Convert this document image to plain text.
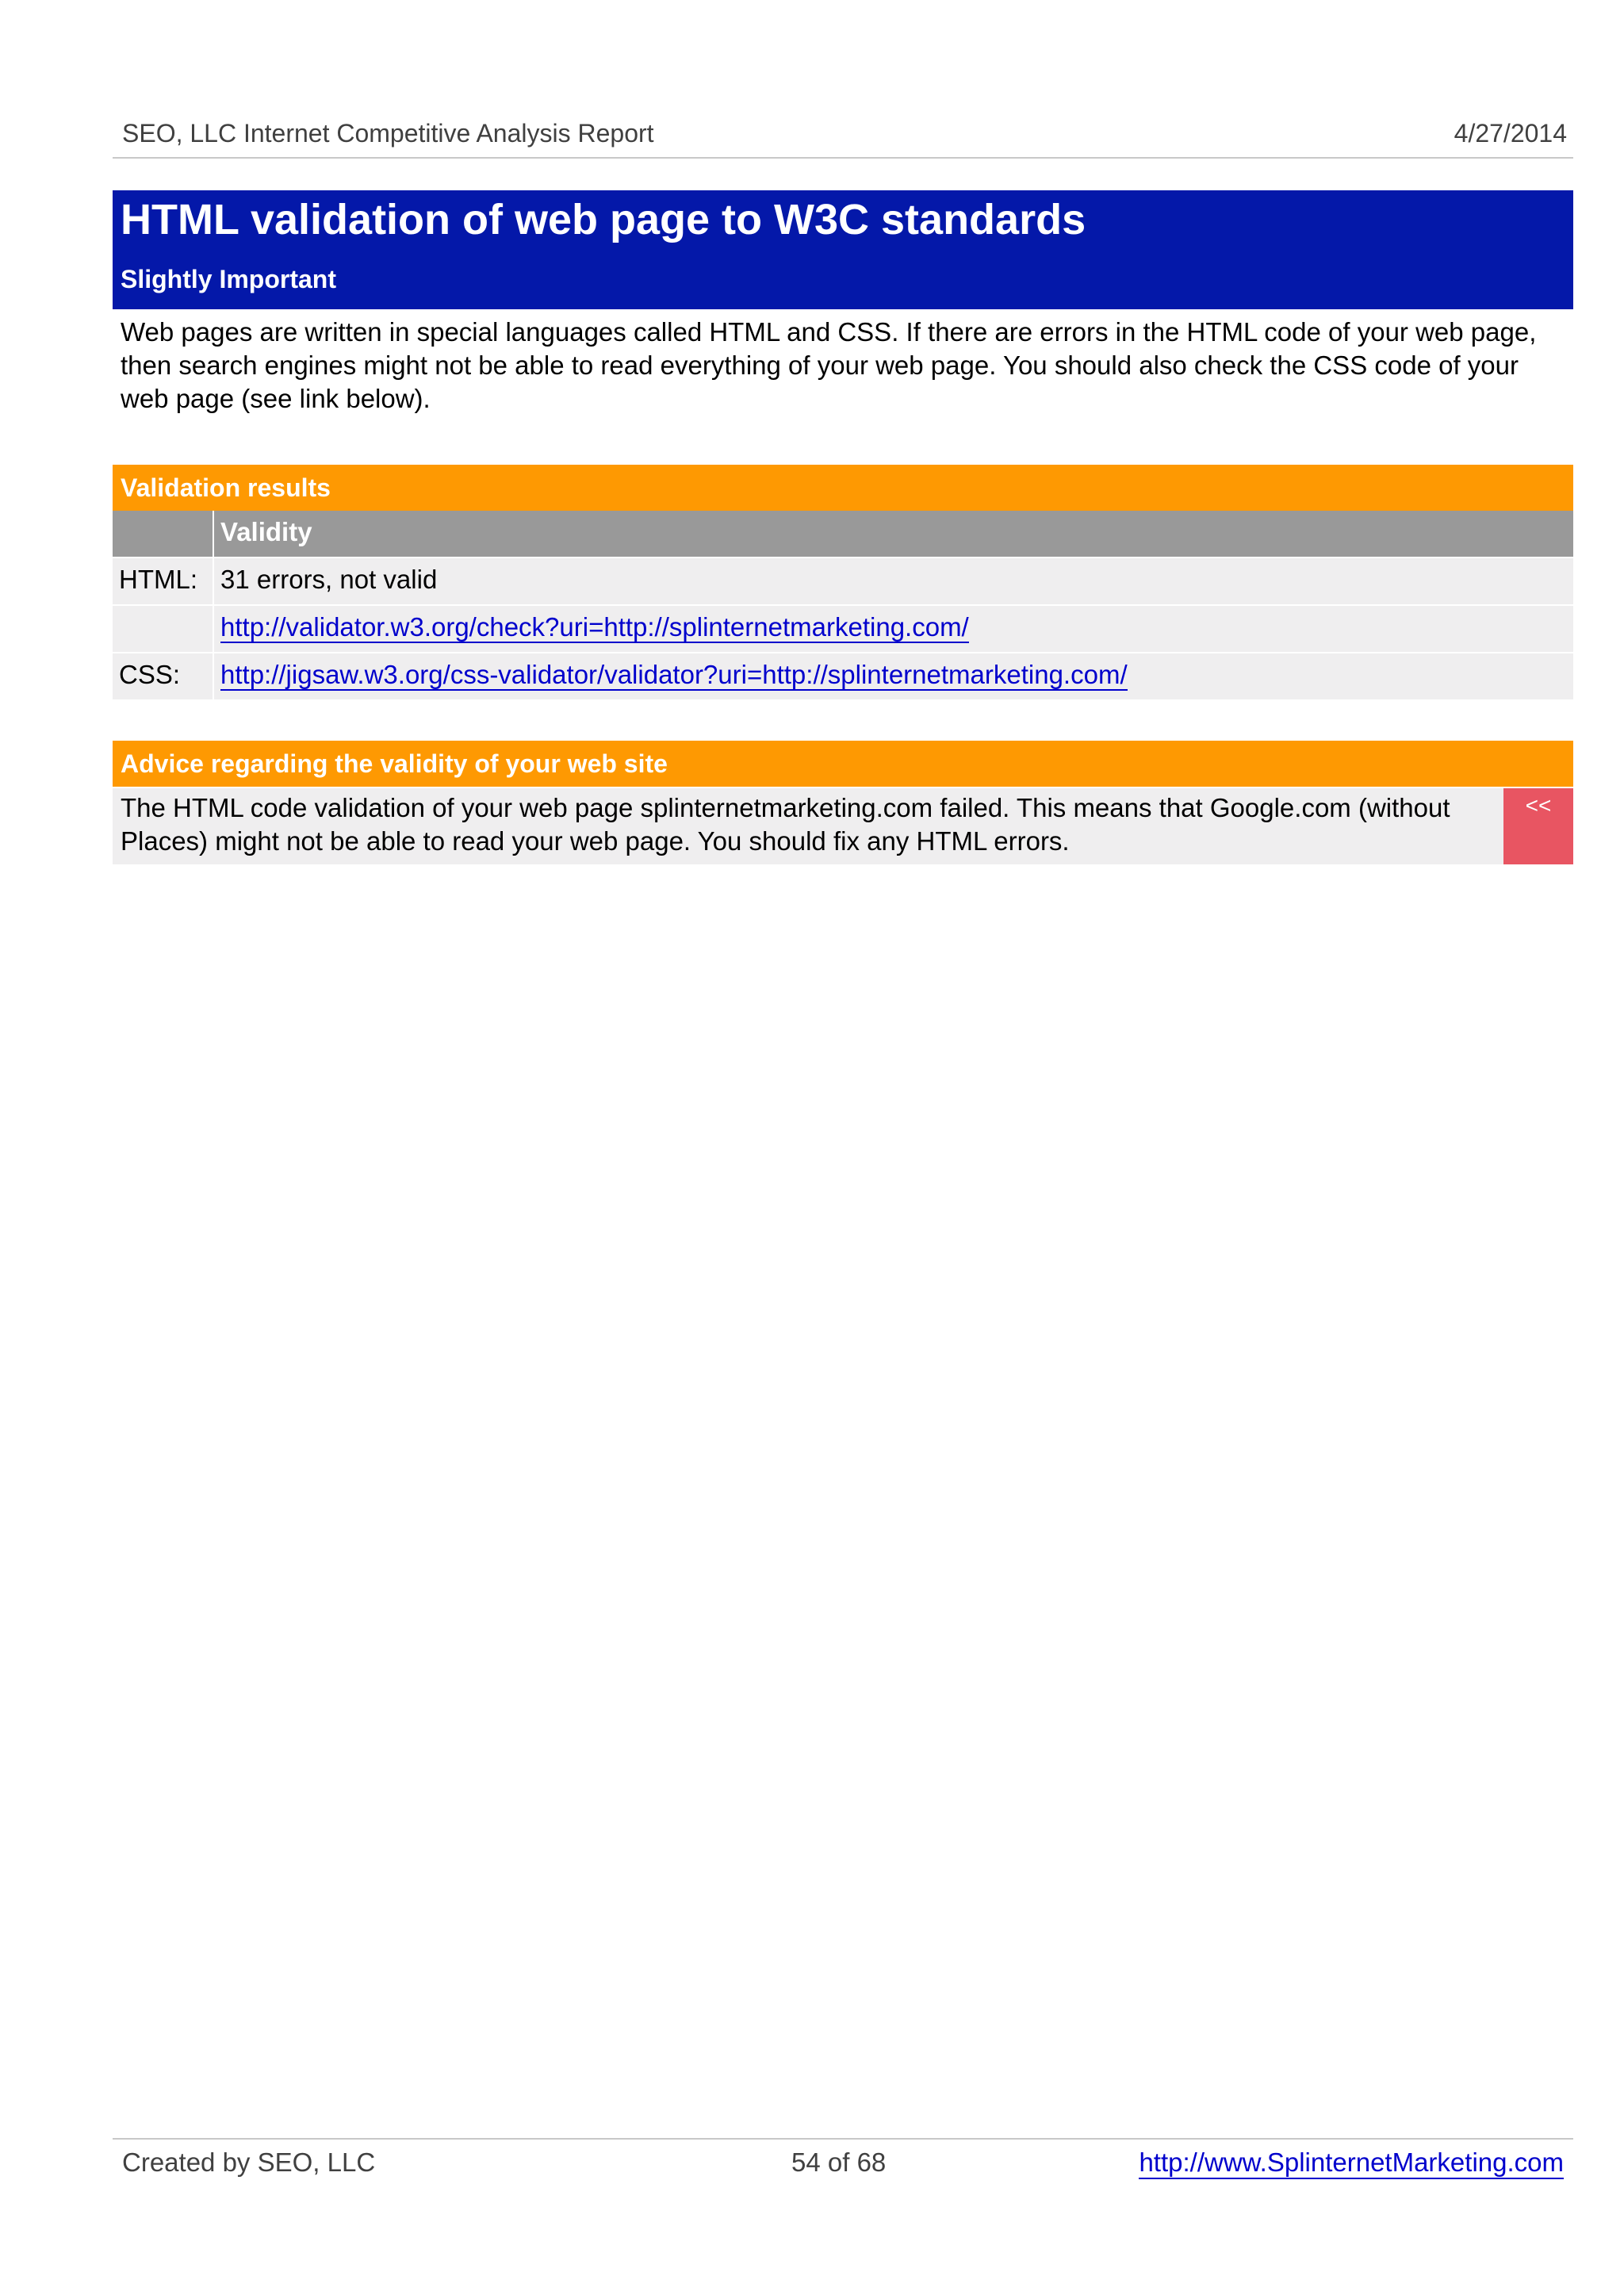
SEO, LLC Internet Competitive Analysis Report	4/27/2014
HTML validation of web page to W3C standards
Slightly Important
Web pages are written in special languages called HTML and CSS. If there are errors in the HTML code of your web page, then search engines might not be able to read everything of your web page. You should also check the CSS code of your web page (see link below).
Validation results
Validity
HTML: 31 errors, not valid
http://validator.w3.org/check?uri=http://splinternetmarketing.com/
CSS:	http://jigsaw.w3.org/css-validator/validator?uri=http://splinternetmarketing.com/
Advice regarding the validity of your web site
The HTML code validation of your web page splinternetmarketing.com failed. This means that Google.com (without Places) might not be able to read your web page. You should fix any HTML errors.
<<
Created by SEO, LLC	54 of 68	http://www.SplinternetMarketing.com
